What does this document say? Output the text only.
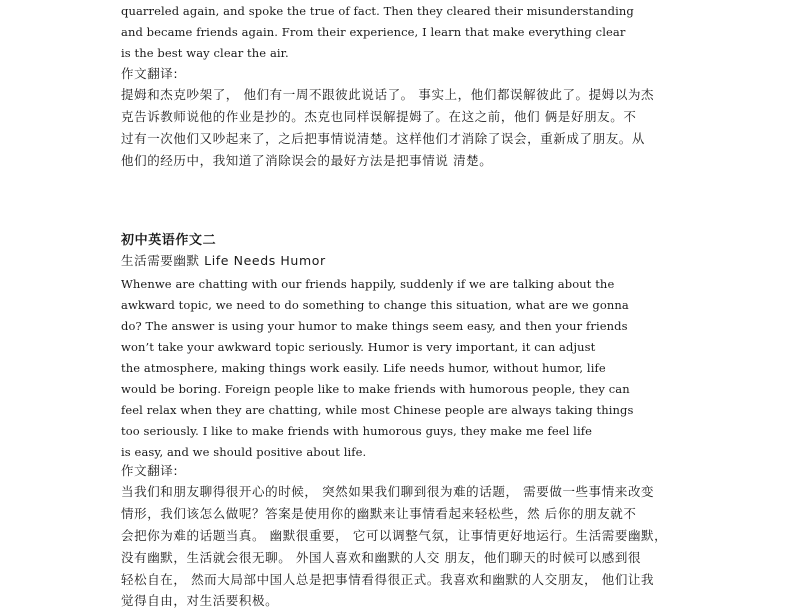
quarreled again, and spoke the true of fact. Then they cleared their misunderstanding
and became friends again. From their experience, I learn that make everything clear
is the best way clear the air.
作文翻译:
提姆和杰克吵架了， 他们有一周不跟彼此说话了。 事实上，他们都误解彼此了。提姆以为杰
克告诉教师说他的作业是抄的。杰克也同样误解提姆了。在这之前，他们 俩是好朋友。不
过有一次他们又吵起来了，之后把事情说清楚。这样他们才消除了误会，重新成了朋友。从
他们的经历中，我知道了消除误会的最好方法是把事情说 清楚。
初中英语作文二
生活需要幽默 Life Needs Humor
Whenwe are chatting with our friends happily, suddenly if we are talking about the
awkward topic, we need to do something to change this situation, what are we gonna
do? The answer is using your humor to make things seem easy, and then your friends
won’t take your awkward topic seriously. Humor is very important, it can adjust
the atmosphere, making things work easily. Life needs humor, without humor, life
would be boring. Foreign people like to make friends with humorous people, they can
feel relax when they are chatting, while most Chinese people are always taking things
too seriously. I like to make friends with humorous guys, they make me feel life
is easy, and we should positive about life.
作文翻译:
当我们和朋友聊得很开心的时候， 突然如果我们聊到很为难的话题， 需要做一些事情来改变
情形，我们该怎么做呢？答案是使用你的幽默来让事情看起来轻松些，然 后你的朋友就不
会把你为难的话题当真。 幽默很重要， 它可以调整气氛，让事情更好地运行。生活需要幽默，
没有幽默，生活就会很无聊。 外国人喜欢和幽默的人交 朋友，他们聊天的时候可以感到很
轻松自在， 然而大局部中国人总是把事情看得很正式。我喜欢和幽默的人交朋友， 他们让我
觉得自由，对生活要积极。
